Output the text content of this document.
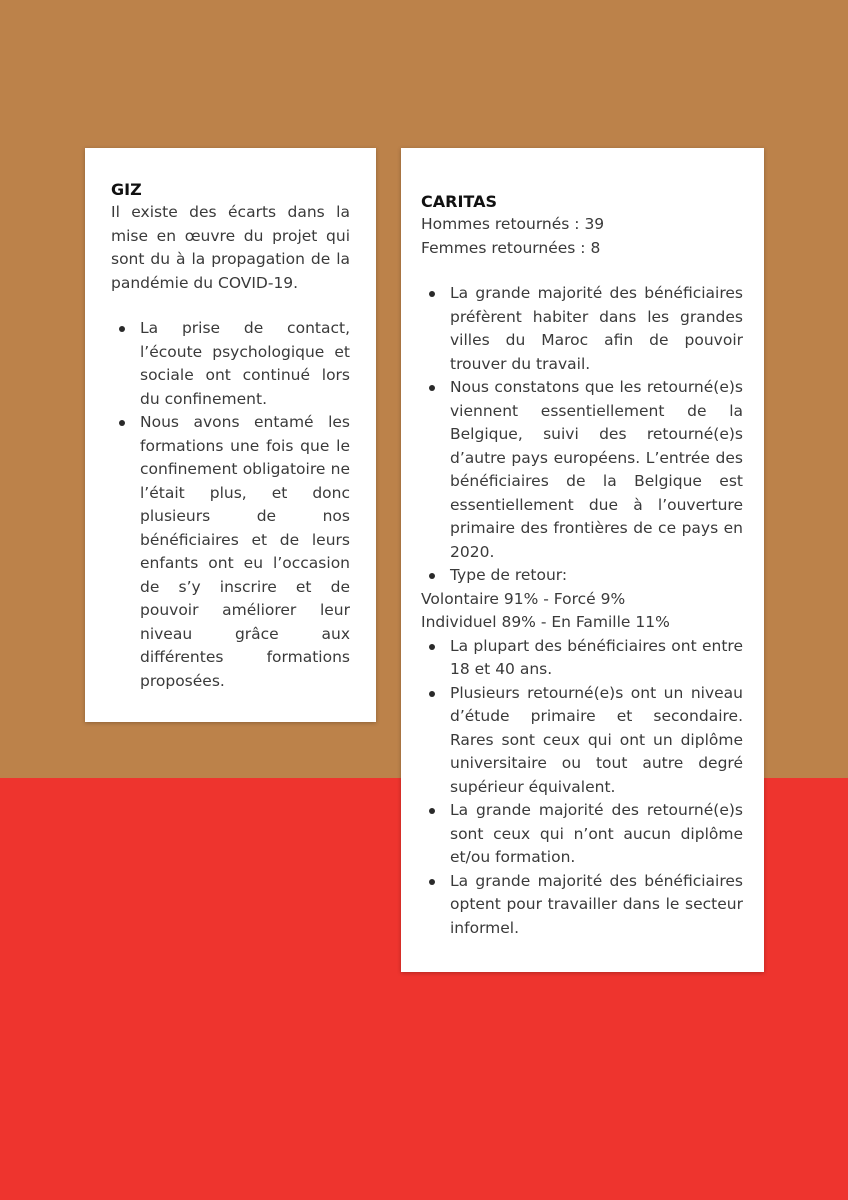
GIZ

Il existe des écarts dans la mise en œuvre du projet qui sont du à la propagation de la pandémie du COVID-19.

La prise de contact, l’écoute psychologique et sociale ont continué lors du confinement.
Nous avons entamé les formations une fois que le confinement obligatoire ne l’était plus, et donc plusieurs de nos bénéficiaires et de leurs enfants ont eu l’occasion de s’y inscrire et de pouvoir améliorer leur niveau grâce aux différentes formations proposées.

CARITAS

Hommes retournés : 39

Femmes retournées : 8

La grande majorité des bénéficiaires préfèrent habiter dans les grandes villes du Maroc afin de pouvoir trouver du travail.
Nous constatons que les retourné(e)s viennent essentiellement de la Belgique, suivi des retourné(e)s d’autre pays européens. L’entrée des bénéficiaires de la Belgique est essentiellement due à l’ouverture primaire des frontières de ce pays en 2020.
Type de retour:

Volontaire 91% - Forcé 9%

Individuel 89% - En Famille 11%

La plupart des bénéficiaires ont entre 18 et 40 ans.
Plusieurs retourné(e)s ont un niveau d’étude primaire et secondaire. Rares sont ceux qui ont un diplôme universitaire ou tout autre degré supérieur équivalent.
La grande majorité des retourné(e)s sont ceux qui n’ont aucun diplôme et/ou formation.
La grande majorité des bénéficiaires optent pour travailler dans le secteur informel.
